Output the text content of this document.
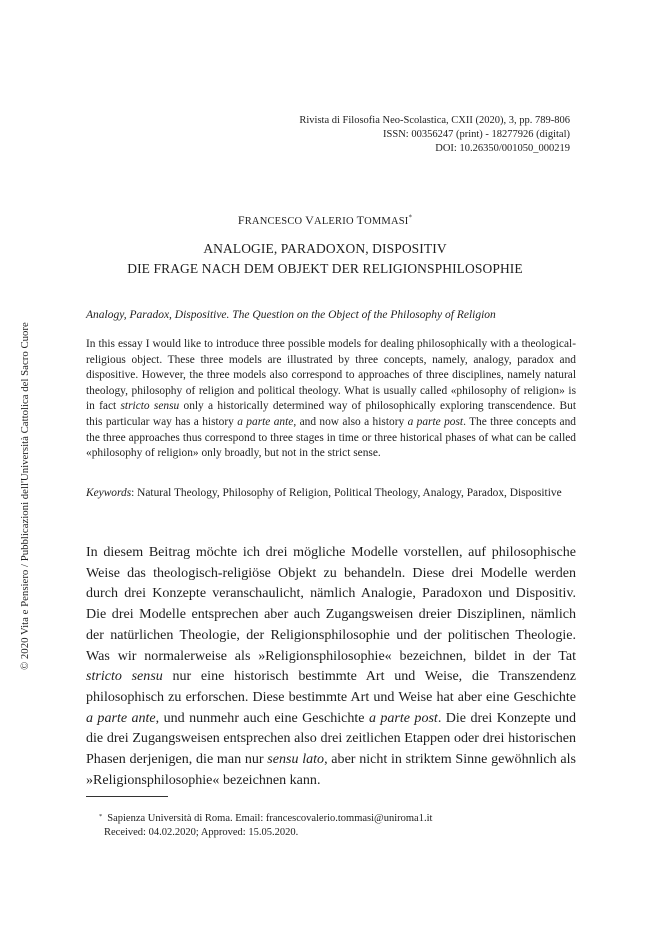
Rivista di Filosofia Neo-Scolastica, CXII (2020), 3, pp. 789-806
ISSN: 00356247 (print) - 18277926 (digital)
DOI: 10.26350/001050_000219
FRANCESCO VALERIO TOMMASI*
ANALOGIE, PARADOXON, DISPOSITIV
DIE FRAGE NACH DEM OBJEKT DER RELIGIONSPHILOSOPHIE
Analogy, Paradox, Dispositive. The Question on the Object of the Philosophy of Religion
In this essay I would like to introduce three possible models for dealing philosophically with a theological-religious object. These three models are illustrated by three concepts, namely, analogy, paradox and dispositive. However, the three models also correspond to approaches of three disciplines, namely natural theology, philosophy of religion and political theology. What is usually called «philosophy of religion» is in fact stricto sensu only a historically determined way of philosophically exploring transcendence. But this particular way has a history a parte ante, and now also a history a parte post. The three concepts and the three approaches thus correspond to three stages in time or three historical phases of what can be called «philosophy of religion» only broadly, but not in the strict sense.
Keywords: Natural Theology, Philosophy of Religion, Political Theology, Analogy, Paradox, Dispositive
In diesem Beitrag möchte ich drei mögliche Modelle vorstellen, auf philosophische Weise das theologisch-religiöse Objekt zu behandeln. Diese drei Modelle werden durch drei Konzepte veranschaulicht, nämlich Analogie, Paradoxon und Dispositiv. Die drei Modelle entsprechen aber auch Zugangsweisen dreier Disziplinen, nämlich der natürlichen Theologie, der Religionsphilosophie und der politischen Theologie. Was wir normalerweise als »Religionsphilosophie« bezeichnen, bildet in der Tat stricto sensu nur eine historisch bestimmte Art und Weise, die Transzendenz philosophisch zu erforschen. Diese bestimmte Art und Weise hat aber eine Geschichte a parte ante, und nunmehr auch eine Geschichte a parte post. Die drei Konzepte und die drei Zugangsweisen entsprechen also drei zeitlichen Etappen oder drei historischen Phasen derjenigen, die man nur sensu lato, aber nicht in striktem Sinne gewöhnlich als »Religionsphilosophie« bezeichnen kann.
* Sapienza Università di Roma. Email: francescovalerio.tommasi@uniroma1.it
Received: 04.02.2020; Approved: 15.05.2020.
© 2020 Vita e Pensiero / Pubblicazioni dell'Università Cattolica del Sacro Cuore
